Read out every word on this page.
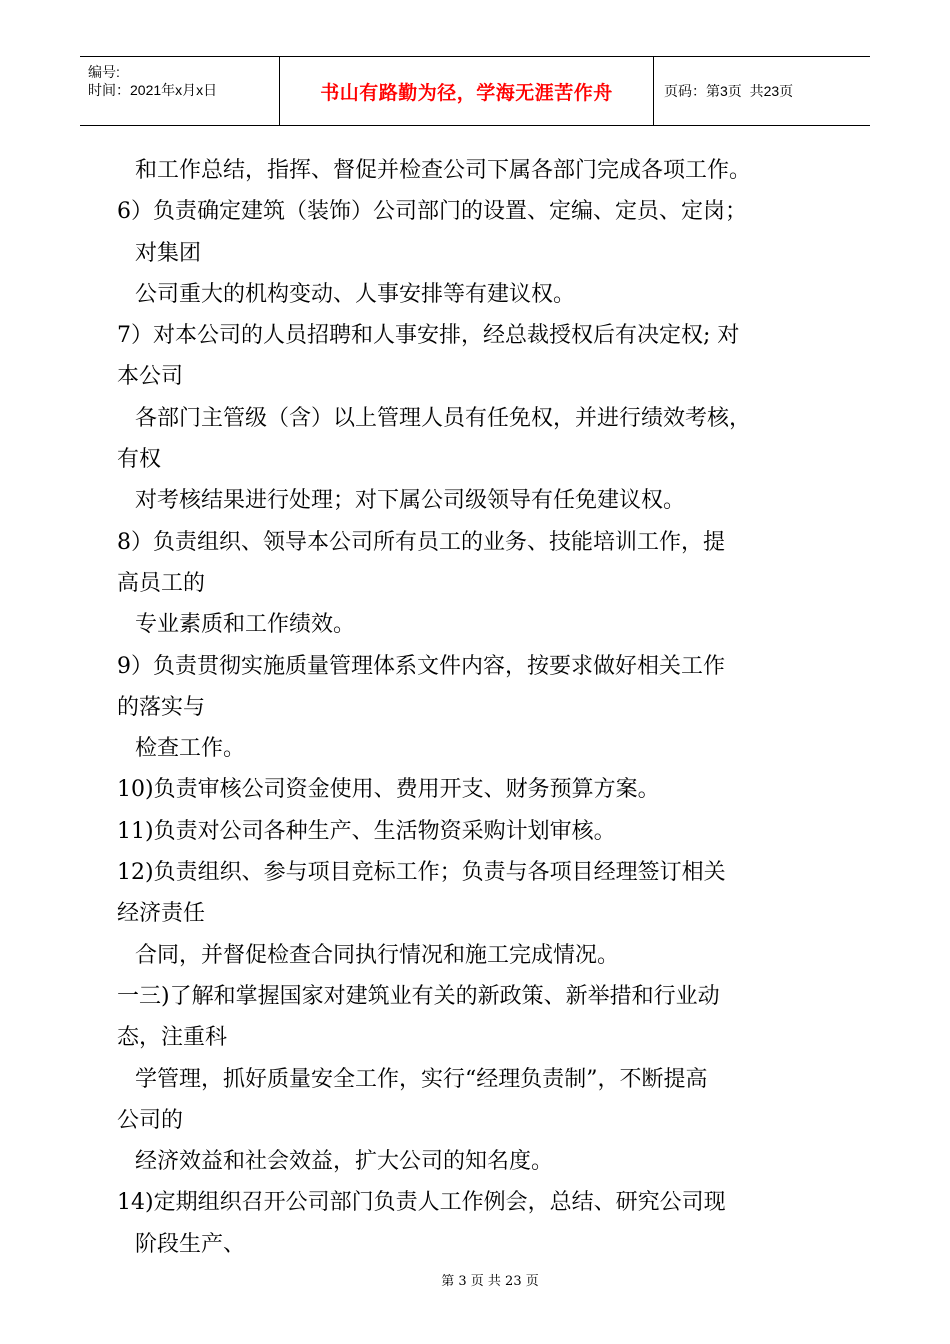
编号:
时间：2021年x月x日	书山有路勤为径，学海无涯苦作舟	页码：第3页  共23页
和工作总结，指挥、督促并检查公司下属各部门完成各项工作。
6）负责确定建筑（装饰）公司部门的设置、定编、定员、定岗；
对集团
公司重大的机构变动、人事安排等有建议权。
7）对本公司的人员招聘和人事安排，经总裁授权后有决定权; 对
本公司
各部门主管级（含）以上管理人员有任免权，并进行绩效考核，
有权
对考核结果进行处理；对下属公司级领导有任免建议权。
8）负责组织、领导本公司所有员工的业务、技能培训工作，提
高员工的
专业素质和工作绩效。
9）负责贯彻实施质量管理体系文件内容，按要求做好相关工作
的落实与
检查工作。
10)负责审核公司资金使用、费用开支、财务预算方案。
11)负责对公司各种生产、生活物资采购计划审核。
12)负责组织、参与项目竞标工作；负责与各项目经理签订相关
经济责任
合同，并督促检查合同执行情况和施工完成情况。
一三)了解和掌握国家对建筑业有关的新政策、新举措和行业动
态，注重科
学管理，抓好质量安全工作，实行“经理负责制”，不断提高
公司的
经济效益和社会效益，扩大公司的知名度。
14)定期组织召开公司部门负责人工作例会，总结、研究公司现
阶段生产、
第 3 页 共 23 页
